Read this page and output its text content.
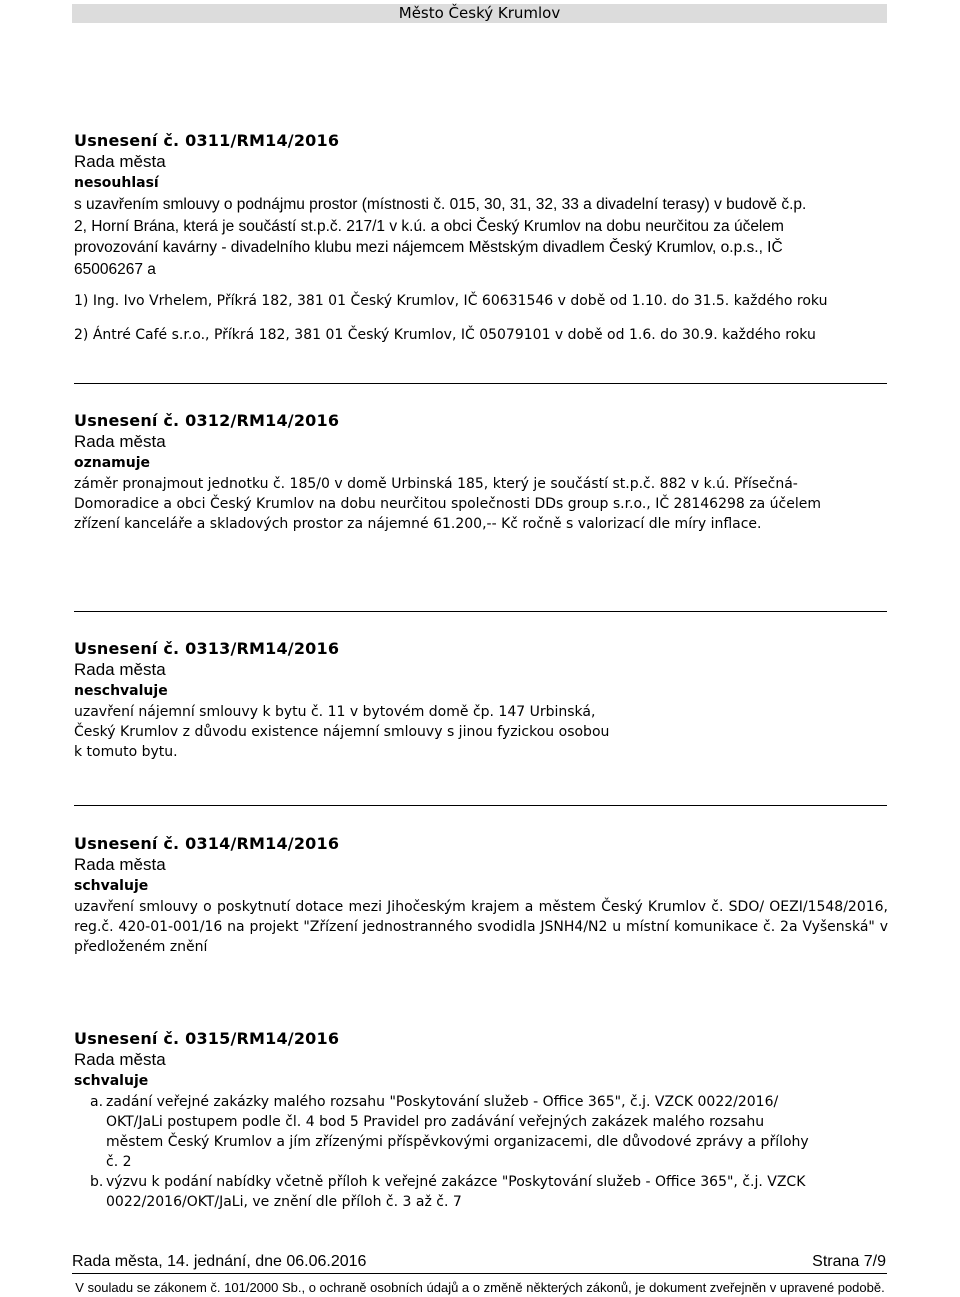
Město Český Krumlov
Usnesení č. 0311/RM14/2016
Rada města
nesouhlasí
s uzavřením smlouvy o podnájmu prostor (místnosti č. 015, 30, 31, 32, 33 a divadelní terasy) v budově č.p.
2, Horní Brána, která je součástí st.p.č. 217/1 v k.ú. a obci Český Krumlov na dobu neurčitou za účelem
provozování kavárny - divadelního klubu mezi nájemcem Městským divadlem Český Krumlov, o.p.s., IČ
65006267 a
1) Ing. Ivo Vrhelem, Příkrá 182, 381 01 Český Krumlov, IČ 60631546 v době od 1.10. do 31.5. každého roku
2) Ántré Café s.r.o., Příkrá 182, 381 01 Český Krumlov, IČ 05079101 v době od 1.6. do 30.9. každého roku
Usnesení č. 0312/RM14/2016
Rada města
oznamuje
záměr pronajmout jednotku č. 185/0 v domě Urbinská 185, který je součástí st.p.č. 882 v k.ú. Přísečná-
Domoradice a obci Český Krumlov na dobu neurčitou společnosti DDs group s.r.o., IČ 28146298 za účelem
zřízení kanceláře a skladových prostor za nájemné 61.200,-- Kč ročně s valorizací dle míry inflace.
Usnesení č. 0313/RM14/2016
Rada města
neschvaluje
uzavření nájemní smlouvy k bytu č. 11 v bytovém domě čp. 147 Urbinská,
Český Krumlov z důvodu existence nájemní smlouvy s jinou fyzickou osobou
k tomuto bytu.
Usnesení č. 0314/RM14/2016
Rada města
schvaluje
uzavření smlouvy o poskytnutí dotace mezi Jihočeským krajem a městem Český Krumlov č. SDO/ OEZI/1548/2016, reg.č. 420-01-001/16 na projekt "Zřízení jednostranného svodidla JSNH4/N2 u místní komunikace č. 2a Vyšenská" v předloženém znění
Usnesení č. 0315/RM14/2016
Rada města
schvaluje
a. zadání veřejné zakázky malého rozsahu "Poskytování služeb - Office 365", č.j. VZCK 0022/2016/
OKT/JaLi postupem podle čl. 4 bod 5 Pravidel pro zadávání veřejných zakázek malého rozsahu
městem Český Krumlov a jím zřízenými příspěvkovými organizacemi, dle důvodové zprávy a přílohy
č. 2
b. výzvu k podání nabídky včetně příloh k veřejné zakázce "Poskytování služeb - Office 365", č.j. VZCK
0022/2016/OKT/JaLi, ve znění dle příloh č. 3 až č. 7
Rada města, 14. jednání, dne 06.06.2016	Strana 7/9
V souladu se zákonem č. 101/2000 Sb., o ochraně osobních údajů a o změně některých zákonů, je dokument zveřejněn v upravené podobě.
